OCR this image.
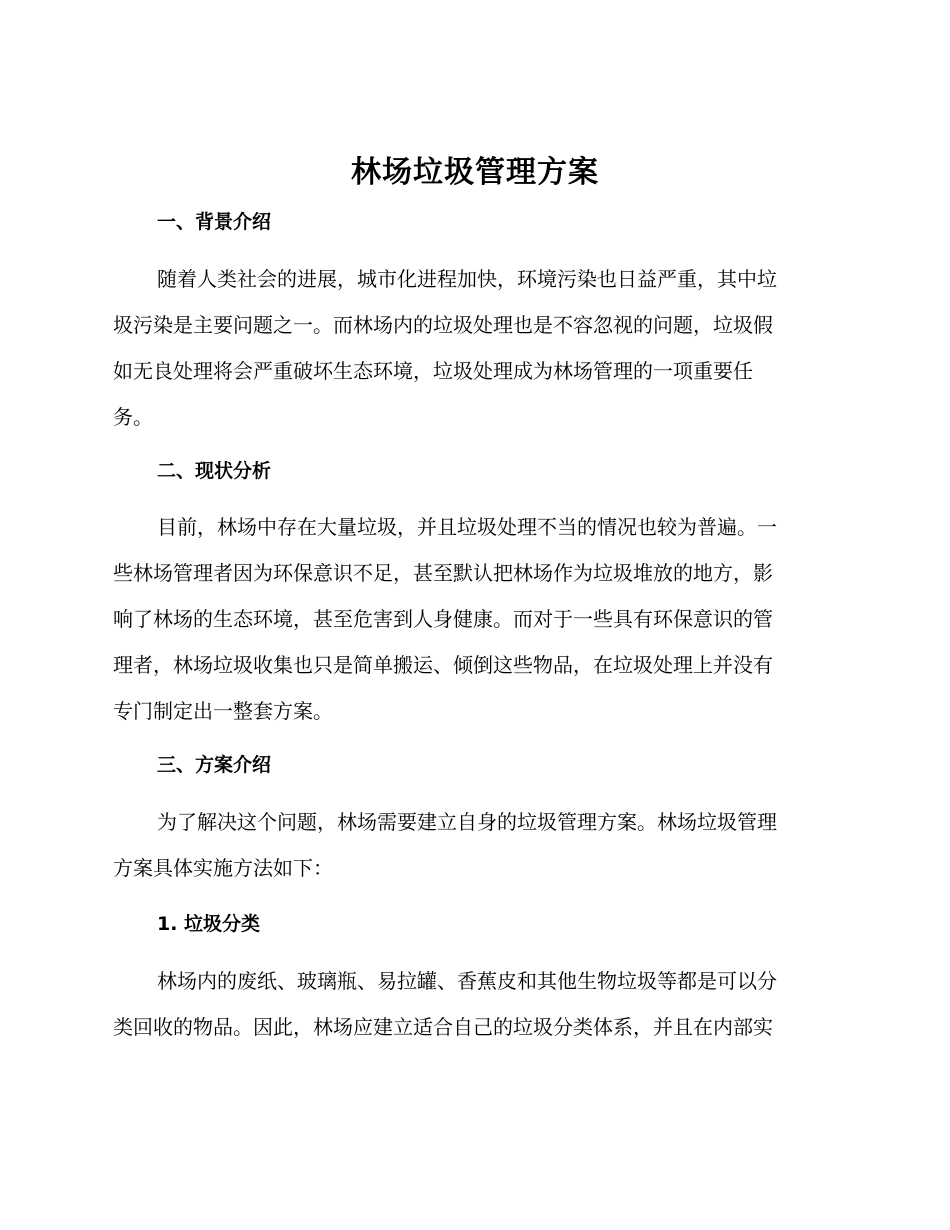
林场垃圾管理方案
一、背景介绍
随着人类社会的进展，城市化进程加快，环境污染也日益严重，其中垃
圾污染是主要问题之一。而林场内的垃圾处理也是不容忽视的问题，垃圾假
如无良处理将会严重破坏生态环境，垃圾处理成为林场管理的一项重要任
务。
二、现状分析
目前，林场中存在大量垃圾，并且垃圾处理不当的情况也较为普遍。一
些林场管理者因为环保意识不足，甚至默认把林场作为垃圾堆放的地方，影
响了林场的生态环境，甚至危害到人身健康。而对于一些具有环保意识的管
理者，林场垃圾收集也只是简单搬运、倾倒这些物品，在垃圾处理上并没有
专门制定出一整套方案。
三、方案介绍
为了解决这个问题，林场需要建立自身的垃圾管理方案。林场垃圾管理
方案具体实施方法如下：
1. 垃圾分类
林场内的废纸、玻璃瓶、易拉罐、香蕉皮和其他生物垃圾等都是可以分
类回收的物品。因此，林场应建立适合自己的垃圾分类体系，并且在内部实
